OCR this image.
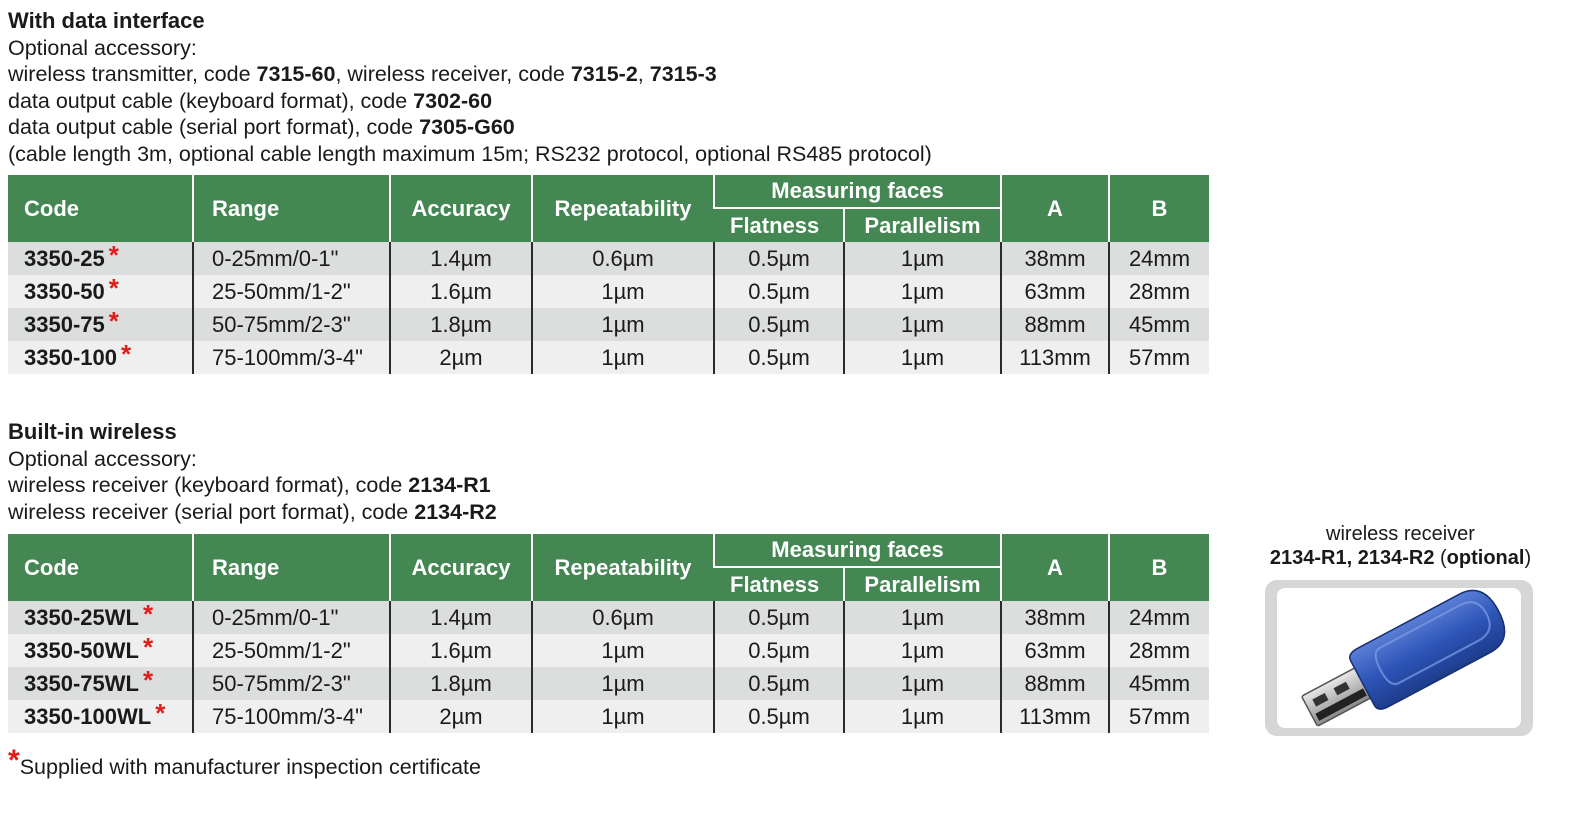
With data interface

Optional accessory:

wireless transmitter, code 7315-60, wireless receiver, code 7315-2, 7315-3

data output cable (keyboard format), code 7302-60

data output cable (serial port format), code 7305-G60

(cable length 3m, optional cable length maximum 15m; RS232 protocol, optional RS485 protocol)

Code	Range	Accuracy	Repeatability	Measuring faces		A	B
				Flatness	Parallelism		
3350-25 *	0-25mm/0-1"	1.4µm	0.6µm	0.5µm	1µm	38mm	24mm
3350-50 *	25-50mm/1-2"	1.6µm	1µm	0.5µm	1µm	63mm	28mm
3350-75 *	50-75mm/2-3"	1.8µm	1µm	0.5µm	1µm	88mm	45mm
3350-100 *	75-100mm/3-4"	2µm	1µm	0.5µm	1µm	113mm	57mm

Built-in wireless

Optional accessory:

wireless receiver (keyboard format), code 2134-R1

wireless receiver (serial port format), code 2134-R2

Code	Range	Accuracy	Repeatability	Measuring faces		A	B
				Flatness	Parallelism		
3350-25WL *	0-25mm/0-1"	1.4µm	0.6µm	0.5µm	1µm	38mm	24mm
3350-50WL *	25-50mm/1-2"	1.6µm	1µm	0.5µm	1µm	63mm	28mm
3350-75WL *	50-75mm/2-3"	1.8µm	1µm	0.5µm	1µm	88mm	45mm
3350-100WL *	75-100mm/3-4"	2µm	1µm	0.5µm	1µm	113mm	57mm
*Supplied with manufacturer inspection certificate
wireless receiver
2134-R1, 2134-R2 (optional)
